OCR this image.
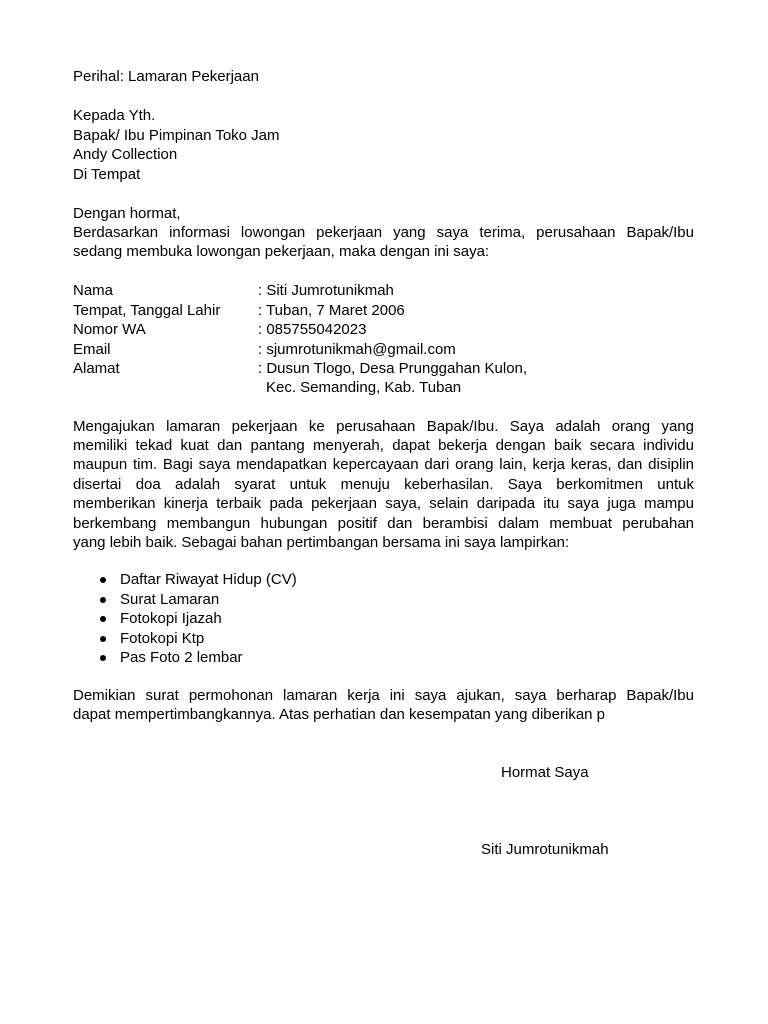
Perihal: Lamaran Pekerjaan
Kepada Yth.
Bapak/ Ibu Pimpinan Toko Jam
Andy Collection
Di Tempat
Dengan hormat,
Berdasarkan informasi lowongan pekerjaan yang saya terima, perusahaan Bapak/Ibu
sedang membuka lowongan pekerjaan, maka dengan ini saya:
Nama	: Siti Jumrotunikmah
Tempat, Tanggal Lahir	: Tuban, 7 Maret 2006
Nomor WA	: 085755042023
Email	: sjumrotunikmah@gmail.com
Alamat	: Dusun Tlogo, Desa Prunggahan Kulon,
Kec. Semanding, Kab. Tuban
Mengajukan lamaran pekerjaan ke perusahaan Bapak/Ibu. Saya adalah orang yang
memiliki tekad kuat dan pantang menyerah, dapat bekerja dengan baik secara individu
maupun tim. Bagi saya mendapatkan kepercayaan dari orang lain, kerja keras, dan disiplin
disertai doa adalah syarat untuk menuju keberhasilan. Saya berkomitmen untuk
memberikan kinerja terbaik pada pekerjaan saya, selain daripada itu saya juga mampu
berkembang membangun hubungan positif dan berambisi dalam membuat perubahan
yang lebih baik. Sebagai bahan pertimbangan bersama ini saya lampirkan:
Daftar Riwayat Hidup (CV)
Surat Lamaran
Fotokopi Ijazah
Fotokopi Ktp
Pas Foto 2 lembar
Demikian surat permohonan lamaran kerja ini saya ajukan, saya berharap Bapak/Ibu
dapat mempertimbangkannya. Atas perhatian dan kesempatan yang diberikan p
Hormat Saya
Siti Jumrotunikmah
